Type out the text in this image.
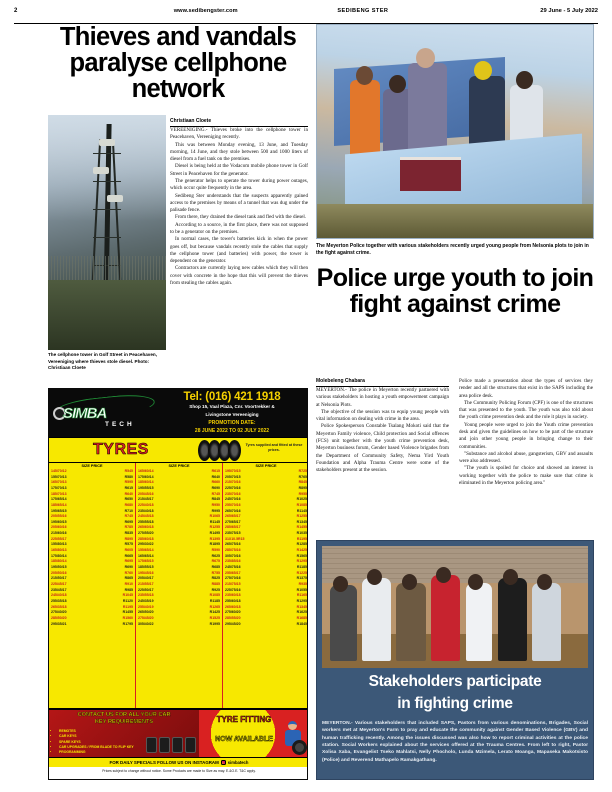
2	www.sedibengster.com	SEDIBENG STER	29 June - 5 July 2022
Thieves and vandals paralyse cellphone network
The cellphone tower in Golf Street in Peacehaven, Vereeniging where thieves stole diesel. Photo: Christiaan Cloete
Christiaan Cloete

VEREENIGING.- Thieves broke into the cellphone tower in Peacehaven, Vereeniging recently.

This was between Monday evening, 13 June, and Tuesday morning, 14 June, and they stole between 500 and 1000 liters of diesel from a fuel tank on the premises.

Diesel is being held at the Vodacom mobile phone tower in Golf Street in Peacehaven for the generator.

The generator helps to operate the tower during power outages, which occur quite frequently in the area.

Sedibeng Ster understands that the suspects apparently gained access to the premises by means of a tunnel that was dug under the palisade fence.

From there, they drained the diesel tank and fled with the diesel.

According to a source, in the first place, there was not supposed to be a generator on the premises.

In normal cases, the tower's batteries kick in when the power goes off, but because vandals recently stole the cables that supply the cellphone tower (and batteries) with power, the tower is dependent on the generator.

Contractors are currently laying new cables which they will then cover with concrete in the hope that this will prevent the thieves from stealing the cables again.

The Meyerton Police together with various stakeholders recently urged young people from Nelsonia plots to join in the fight against crime.
Police urge youth to join fight against crime
Molebeleng Chabara

MEYERTON.- The police in Meyerton recently partnered with various stakeholders in hosting a youth empowerment campaign at Nelsonia Plots.

The objective of the session was to equip young people with vital information on dealing with crime in the area.

Police Spokesperson Constable Tsalang Mokoti said that the Meyerton Family violence, Child protection and Social offences (FCS) unit together with the youth crime prevention desk, Meyerton business forum, Gender based Violence brigades from the Department of Community Safety, Nema Yird Youth Foundation and Alpha Trauma Centre were some of the stakeholders present at the session.

Police made a presentation about the types of services they render and all the structures that exist in the SAPS including the area police desk.

The Community Policing Forum (CPF) is one of the structures that was presented to the youth. The youth was also told about the youth crime prevention desk and the role it plays in society.

Young people were urged to join the Youth crime prevention desk and given the guidelines on how to be part of the structure and join other young people in bringing change to their communities.

"Substance and alcohol abuse, gangsterism, GBV and assaults were also addressed.

"The youth is spoiled for choice and showed an interest in working together with the police to make sure that crime is eliminated in the Meyerton policing area."

SIMBA
TECH
Tel: (016) 421 1918
Shop 15, Vaal Plaza, Cnr. Voortrekker &
Livingstone Vereeniging
PROMOTION DATE:
28 JUNE 2022 TO 02 JULY 2022
TYRES	Tyres supplied and fitted at these prices.
SIZE PRICE
145/70/12	R545
155/70/13	R580
165/70/13	R595
175/70/13	R615
185/70/13	R640
175/65/14	R650
185/65/14	R680
195/65/15	R710
205/55/16	R745
195/60/15	R695
205/60/16	R785
215/60/16	R835
225/55/17	R895
155/80/13	R575
165/80/13	R605
175/80/14	R665
185/80/14	R695
195/50/15	R690
205/50/16	R760
215/50/17	R865
225/45/17	R910
235/45/17	R985
245/40/18	R1045
255/35/18	R1120
265/35/18	R1195
275/40/20	R1455
285/50/20	R1560
295/35/21	R1795
SIZE PRICE
165/60/14	R615
175/60/14	R640
185/60/14	R660
195/55/15	R690
205/45/16	R745
215/45/17	R845
225/40/18	R950
235/40/18	R995
245/45/18	R1065
255/55/18	R1145
265/60/18	R1255
275/55/20	R1495
285/60/18	R1395
295/30/22	R1895
155/65/14	R590
165/65/14	R625
175/65/15	R675
185/55/15	R685
195/45/16	R755
205/40/17	R825
215/55/17	R885
225/50/17	R925
235/55/18	R1085
245/35/19	R1185
255/40/19	R1265
265/50/20	R1425
275/45/20	R1525
305/40/22	R1995
SIZE PRICE
195/70/15	R725
205/70/15	R765
215/70/16	R845
225/70/16	R895
235/70/16	R955
245/70/16	R1025
255/70/16	R1085
265/70/16	R1145
265/65/17	R1255
275/65/17	R1345
285/65/17	R1455
235/75/15	R1035
31X10.5R15	R1195
265/75/16	R1285
285/75/16	R1425
305/70/16	R1565
235/85/16	R1295
245/75/16	R1185
255/65/17	R1225
275/70/16	R1375
215/75/15	R935
225/75/16	R1055
235/60/18	R1165
255/60/18	R1295
265/60/18	R1345
275/60/20	R1625
285/55/20	R1685
295/45/20	R1845
CONTACT US FOR ALL YOUR CAR
KEY REQUIREMENTS
• REMOTES
• CAR KEYS
• SPARE KEYS
• CAR UPGRADES / FROM BLADE TO FLIP KEY
• PROGRAMMING
TYRE FITTING
NOW AVAILABLE
FOR DAILY SPECIALS FOLLOW US ON INSTAGRAM simbatech
Prices subject to change without notice. Some Products are made to Size as may. E.&O.E. T&C apply.
Stakeholders participate
in fighting crime
MEYERTON.- Various stakeholders that included SAPS, Pastors from various denominations, Brigades, Social workers met at Meyerton's Farm to pray and educate the community against Gender Based Violence (GBV) and human trafficking recently. Among the issues discussed was also how to report criminal activities at the police station. Social Workers explained about the services offered at the Trauma Centres. From left to right, Pastor Xolisa Xaba, Evangelist Tseko Mahlatsi, Nelly Phocholo, Lunda Mzimela, Lerato Moanga, Mapaseka Makotsisto (Police) and Reverend Mathapelo Ramakgathang.
